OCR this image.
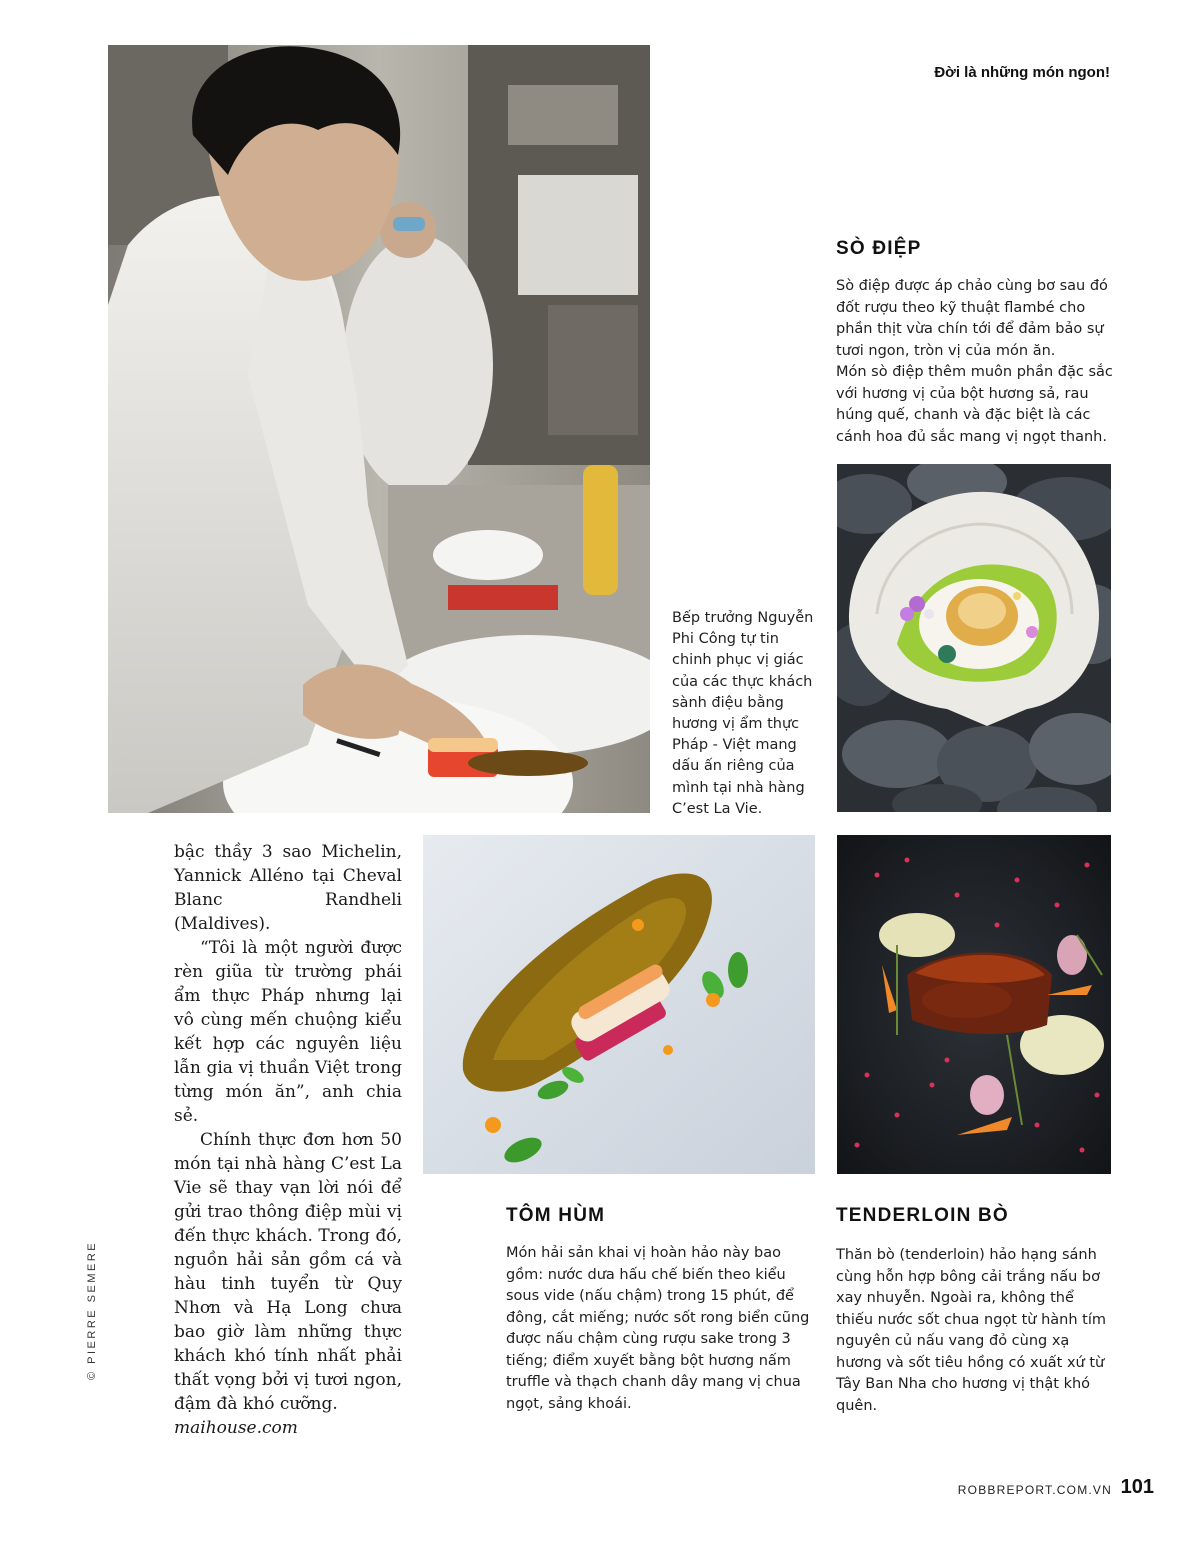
Đời là những món ngon!
Bếp trưởng Nguyễn Phi Công tự tin chinh phục vị giác của các thực khách sành điệu bằng hương vị ẩm thực Pháp - Việt mang dấu ấn riêng của mình tại nhà hàng C’est La Vie.
SÒ ĐIỆP
Sò điệp được áp chảo cùng bơ sau đó đốt rượu theo kỹ thuật flambé cho phần thịt vừa chín tới để đảm bảo sự tươi ngon, tròn vị của món ăn.
Món sò điệp thêm muôn phần đặc sắc với hương vị của bột hương sả, rau húng quế, chanh và đặc biệt là các cánh hoa đủ sắc mang vị ngọt thanh.

bậc thầy 3 sao Michelin, Yannick Alléno tại Cheval Blanc Randheli (Maldives).

“Tôi là một người được rèn giũa từ trường phái ẩm thực Pháp nhưng lại vô cùng mến chuộng kiểu kết hợp các nguyên liệu lẫn gia vị thuần Việt trong từng món ăn”, anh chia sẻ.

Chính thực đơn hơn 50 món tại nhà hàng C’est La Vie sẽ thay vạn lời nói để gửi trao thông điệp mùi vị đến thực khách. Trong đó, nguồn hải sản gồm cá và hàu tinh tuyển từ Quy Nhơn và Hạ Long chưa bao giờ làm những thực khách khó tính nhất phải thất vọng bởi vị tươi ngon, đậm đà khó cưỡng.

maihouse.com
TÔM HÙM
Món hải sản khai vị hoàn hảo này bao gồm: nước dưa hấu chế biến theo kiểu sous vide (nấu chậm) trong 15 phút, để đông, cắt miếng; nước sốt rong biển cũng được nấu chậm cùng rượu sake trong 3 tiếng; điểm xuyết bằng bột hương nấm truffle và thạch chanh dây mang vị chua ngọt, sảng khoái.
TENDERLOIN BÒ
Thăn bò (tenderloin) hảo hạng sánh cùng hỗn hợp bông cải trắng nấu bơ xay nhuyễn. Ngoài ra, không thể thiếu nước sốt chua ngọt từ hành tím nguyên củ nấu vang đỏ cùng xạ hương và sốt tiêu hồng có xuất xứ từ Tây Ban Nha cho hương vị thật khó quên.
© PIERRE SEMERE
ROBBREPORT.COM.VN 101
